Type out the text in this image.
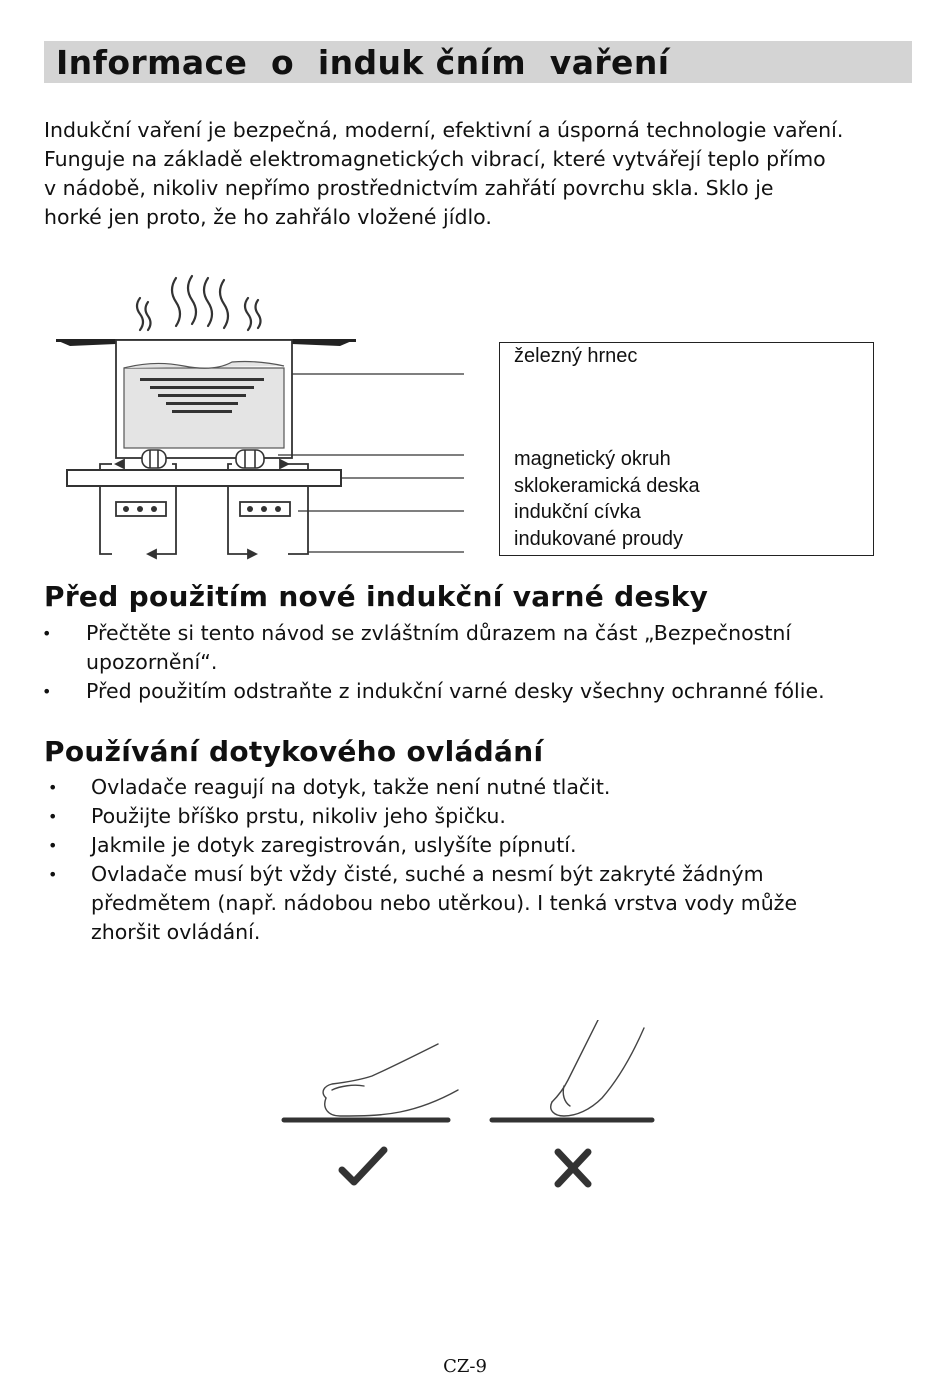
Informace  o  induk čním  vaření

Indukční vaření je bezpečná, moderní, efektivní a úsporná technologie vaření.

Funguje na základě elektromagnetických vibrací, které vytvářejí teplo přímo

v nádobě, nikoliv nepřímo prostřednictvím zahřátí povrchu skla. Sklo je

horké jen proto, že ho zahřálo vložené jídlo.

železný hrnec
magnetický okruh
sklokeramická deska
indukční cívka
indukované proudy
Před použitím nové indukční varné desky
• Přečtěte si tento návod se zvláštním důrazem na část „Bezpečnostní
upozornění“.
• Před použitím odstraňte z indukční varné desky všechny ochranné fólie.
Používání dotykového ovládání
• Ovladače reagují na dotyk, takže není nutné tlačit.
• Použijte bříško prstu, nikoliv jeho špičku.
• Jakmile je dotyk zaregistrován, uslyšíte pípnutí.
• Ovladače musí být vždy čisté, suché a nesmí být zakryté žádným
předmětem (např. nádobou nebo utěrkou). I tenká vrstva vody může
zhoršit ovládání.
CZ-9
